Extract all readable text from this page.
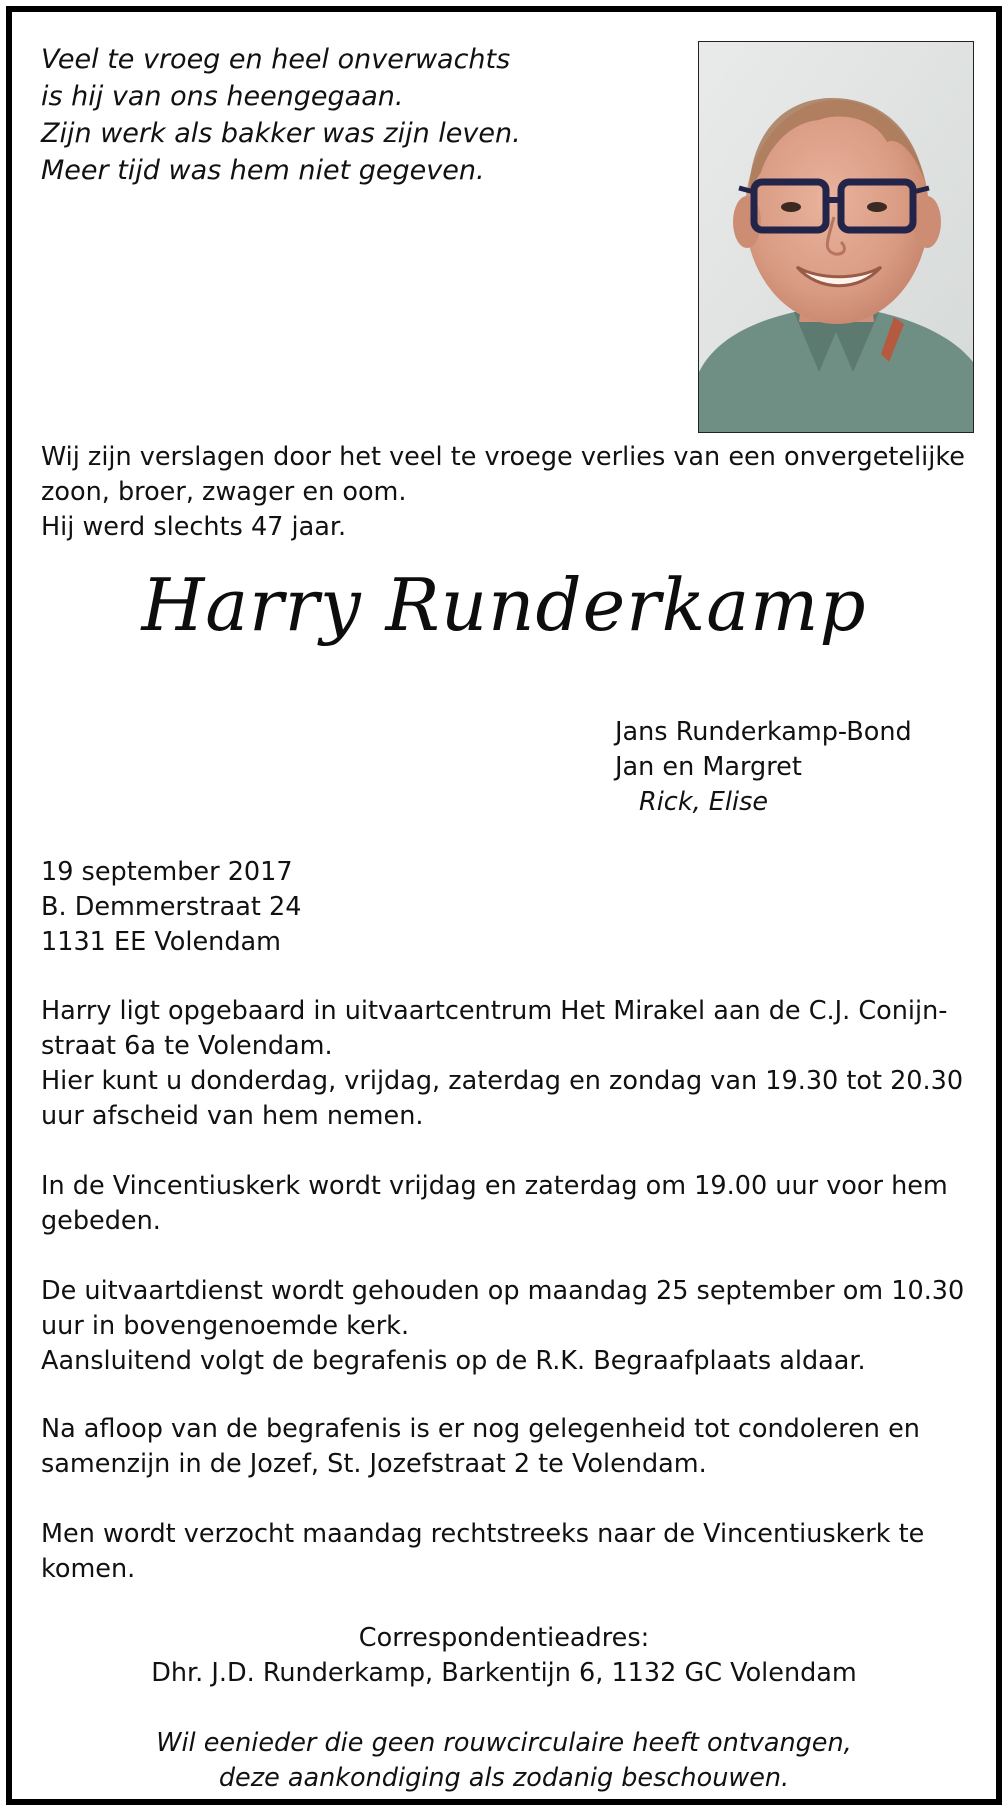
Veel te vroeg en heel onverwachts
is hij van ons heengegaan.
Zijn werk als bakker was zijn leven.
Meer tijd was hem niet gegeven.
Wij zijn verslagen door het veel te vroege verlies van een onvergetelijke
zoon, broer, zwager en oom.
Hij werd slechts 47 jaar.
Harry Runderkamp
Jans Runderkamp-Bond
Jan en Margret
Rick, Elise
19 september 2017
B. Demmerstraat 24
1131 EE Volendam
Harry ligt opgebaard in uitvaartcentrum Het Mirakel aan de C.J. Conijn-
straat 6a te Volendam.
Hier kunt u donderdag, vrijdag, zaterdag en zondag van 19.30 tot 20.30
uur afscheid van hem nemen.
In de Vincentiuskerk wordt vrijdag en zaterdag om 19.00 uur voor hem
gebeden.
De uitvaartdienst wordt gehouden op maandag 25 september om 10.30
uur in bovengenoemde kerk.
Aansluitend volgt de begrafenis op de R.K. Begraafplaats aldaar.
Na afloop van de begrafenis is er nog gelegenheid tot condoleren en
samenzijn in de Jozef, St. Jozefstraat 2 te Volendam.
Men wordt verzocht maandag rechtstreeks naar de Vincentiuskerk te
komen.
Correspondentieadres:
Dhr. J.D. Runderkamp, Barkentijn 6, 1132 GC Volendam
Wil eenieder die geen rouwcirculaire heeft ontvangen,
deze aankondiging als zodanig beschouwen.
